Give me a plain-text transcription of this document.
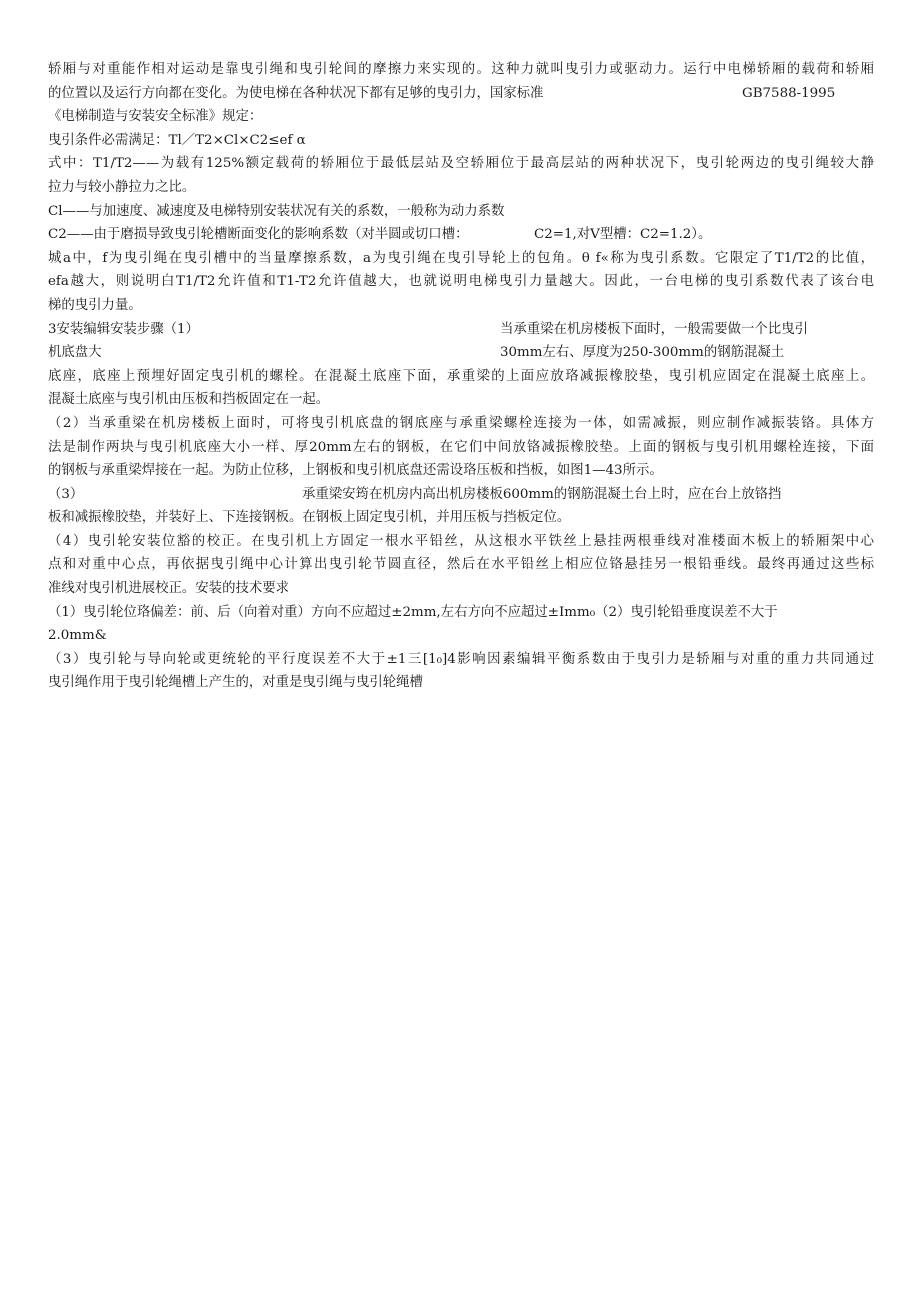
轿厢与对重能作相对运动是靠曳引绳和曳引轮间的摩擦力来实现的。这种力就叫曳引力或驱动力。运行中电梯轿厢的载荷和轿厢
的位置以及运行方向都在变化。为使电梯在各种状况下都有足够的曳引力，国家标准	GB7588-1995
《电梯制造与安装安全标准》规定：
曳引条件必需满足：Tl／T2×Cl×C2≤ef α
式中：T1/T2——为载有125%额定载荷的轿厢位于最低层站及空轿厢位于最高层站的两种状况下，曳引轮两边的曳引绳较大静
拉力与较小静拉力之比。
Cl——与加速度、减速度及电梯特别安装状况有关的系数，一般称为动力系数
C2——由于磨损导致曳引轮槽断面变化的影响系数（对半圆或切口槽：	C2=1,对V型槽：C2=1.2）。
城a中，f为曳引绳在曳引槽中的当量摩擦系数，a为曳引绳在曳引导轮上的包角。θ f«称为曳引系数。它限定了T1/T2的比值，
efa越大，则说明白T1/T2允许值和T1-T2允许值越大，也就说明电梯曳引力量越大。因此，一台电梯的曳引系数代表了该台电
梯的曳引力量。
3安装编辑安装步骤（1）	当承重梁在机房楼板下面时，一般需要做一个比曳引
机底盘大	30mm左右、厚度为250-300mm的钢筋混凝土
底座，底座上预埋好固定曳引机的螺栓。在混凝土底座下面，承重梁的上面应放珞减振橡胶垫，曳引机应固定在混凝土底座上。
混凝土底座与曳引机由压板和挡板固定在一起。
（2）当承重梁在机房楼板上面时，可将曳引机底盘的钢底座与承重梁螺栓连接为一体，如需减振，则应制作减振装铬。具体方
法是制作两块与曳引机底座大小一样、厚20mm左右的钢板，在它们中间放铬减振橡胶垫。上面的钢板与曳引机用螺栓连接，下面
的钢板与承重梁焊接在一起。为防止位移，上钢板和曳引机底盘还需设珞压板和挡板，如图1—43所示。
（3）	承重梁安筠在机房内高出机房楼板600mm的钢筋混凝土台上时，应在台上放铬挡
板和减振橡胶垫，并装好上、下连接钢板。在钢板上固定曳引机，并用压板与挡板定位。
（4）曳引轮安装位豁的校正。在曳引机上方固定一根水平铅丝，从这根水平铁丝上悬挂两根垂线对准楼面木板上的轿厢架中心
点和对重中心点，再依据曳引绳中心计算出曳引轮节圆直径，然后在水平铅丝上相应位铬悬挂另一根铅垂线。最终再通过这些标
准线对曳引机进展校正。安装的技术要求
（1）曳引轮位珞偏差：前、后（向着对重）方向不应超过±2mm,左右方向不应超过±Imm₀（2）曳引轮铅垂度误差不大于
2.0mm&
（3）曳引轮与导向轮或更统轮的平行度误差不大于±1三[1₀]4影响因素编辑平衡系数由于曳引力是轿厢与对重的重力共同通过
曳引绳作用于曳引轮绳槽上产生的，对重是曳引绳与曳引轮绳槽
